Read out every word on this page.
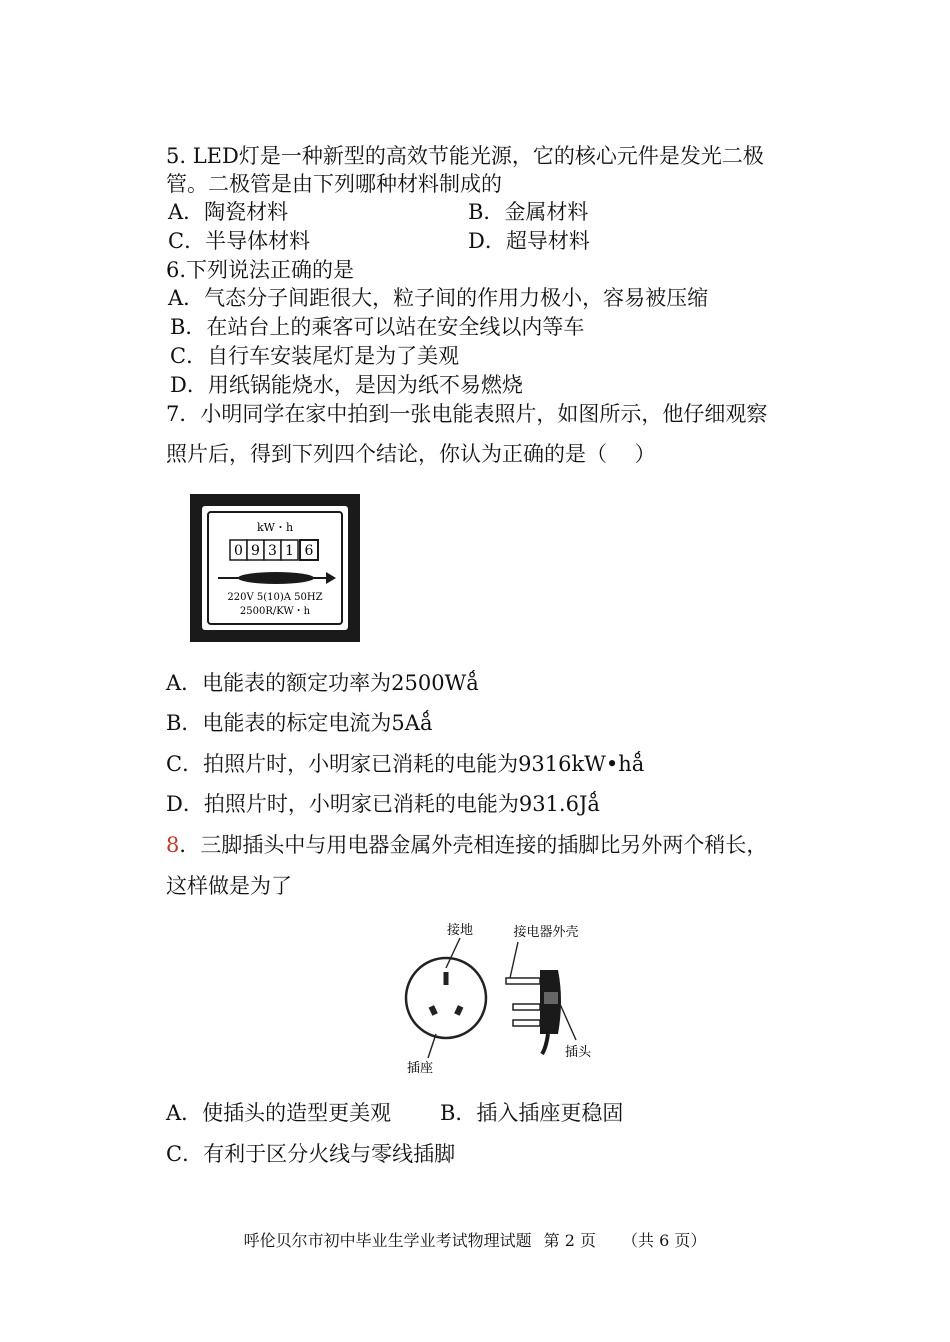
5. LED灯是一种新型的高效节能光源，它的核心元件是发光二极
管。二极管是由下列哪种材料制成的
A．陶瓷材料	B．金属材料
C．半导体材料	D．超导材料
6.下列说法正确的是
A．气态分子间距很大，粒子间的作用力极小，容易被压缩
B．在站台上的乘客可以站在安全线以内等车
C．自行车安装尾灯是为了美观
D．用纸锅能烧水，是因为纸不易燃烧
7．小明同学在家中拍到一张电能表照片，如图所示，他仔细观察
照片后，得到下列四个结论，你认为正确的是（　 ）
kW・h
0 9 3 1 6
220V 5(10)A 50HZ
2500R/KW・h
A．电能表的额定功率为2500Wǻ
B．电能表的标定电流为5Aǻ
C．拍照片时，小明家已消耗的电能为9316kW•hǻ
D．拍照片时，小明家已消耗的电能为931.6Jǻ
8．三脚插头中与用电器金属外壳相连接的插脚比另外两个稍长，
这样做是为了
接地
插座
接电器外壳
插头
A．使插头的造型更美观 B．插入插座更稳固
C．有利于区分火线与零线插脚
呼伦贝尔市初中毕业生学业考试物理试题 第 2 页 （共 6 页）
